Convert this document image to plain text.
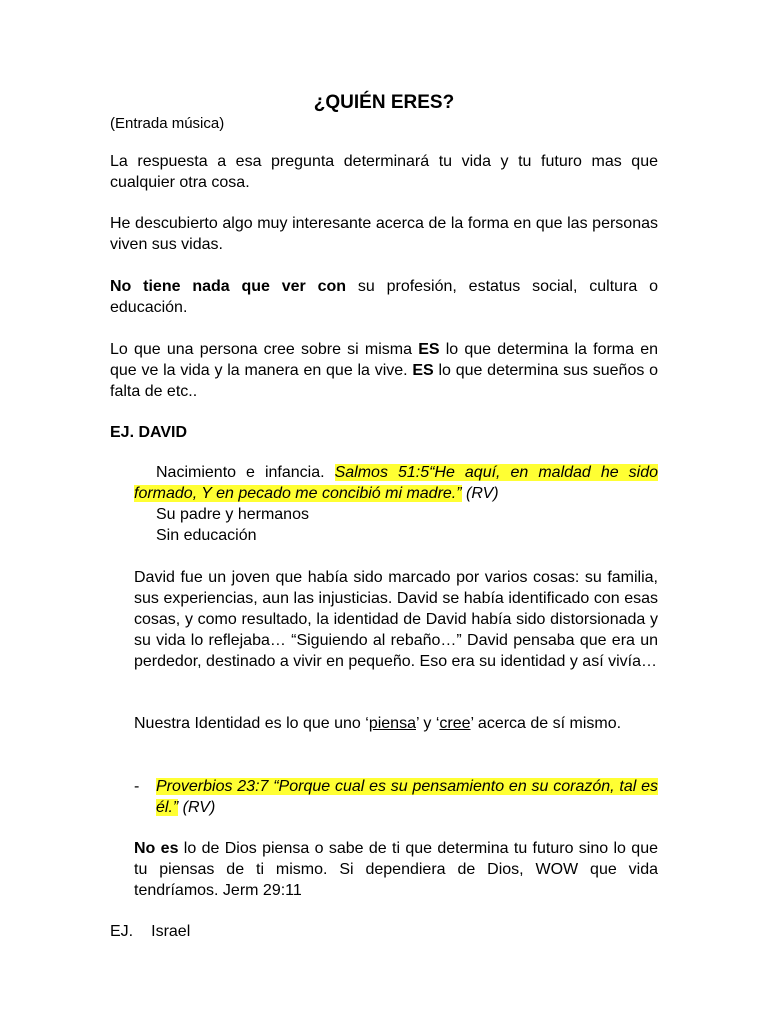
¿QUIÉN ERES?
(Entrada música)
La respuesta a esa pregunta determinará tu vida y tu futuro mas que cualquier otra cosa.
He descubierto algo muy interesante acerca de la forma en que las personas viven sus vidas.
No tiene nada que ver con su profesión, estatus social, cultura o educación.
Lo que una persona cree sobre si misma ES lo que determina la forma en que ve la vida y la manera en que la vive. ES lo que determina sus sueños o falta de etc..
EJ. DAVID
Nacimiento e infancia. Salmos 51:5“He aquí, en maldad he sido formado, Y en pecado me concibió mi madre.” (RV)
Su padre y hermanos
Sin educación
David fue un joven que había sido marcado por varios cosas: su familia, sus experiencias, aun las injusticias. David se había identificado con esas cosas, y como resultado, la identidad de David había sido distorsionada y su vida lo reflejaba… “Siguiendo al rebaño…” David pensaba que era un perdedor, destinado a vivir en pequeño. Eso era su identidad y así vivía…
Nuestra Identidad es lo que uno ‘piensa’ y ‘cree’ acerca de sí mismo.
- Proverbios 23:7 “Porque cual es su pensamiento en su corazón, tal es él.” (RV)
No es lo de Dios piensa o sabe de ti que determina tu futuro sino lo que tu piensas de ti mismo. Si dependiera de Dios, WOW que vida tendríamos. Jerm 29:11
EJ. Israel
